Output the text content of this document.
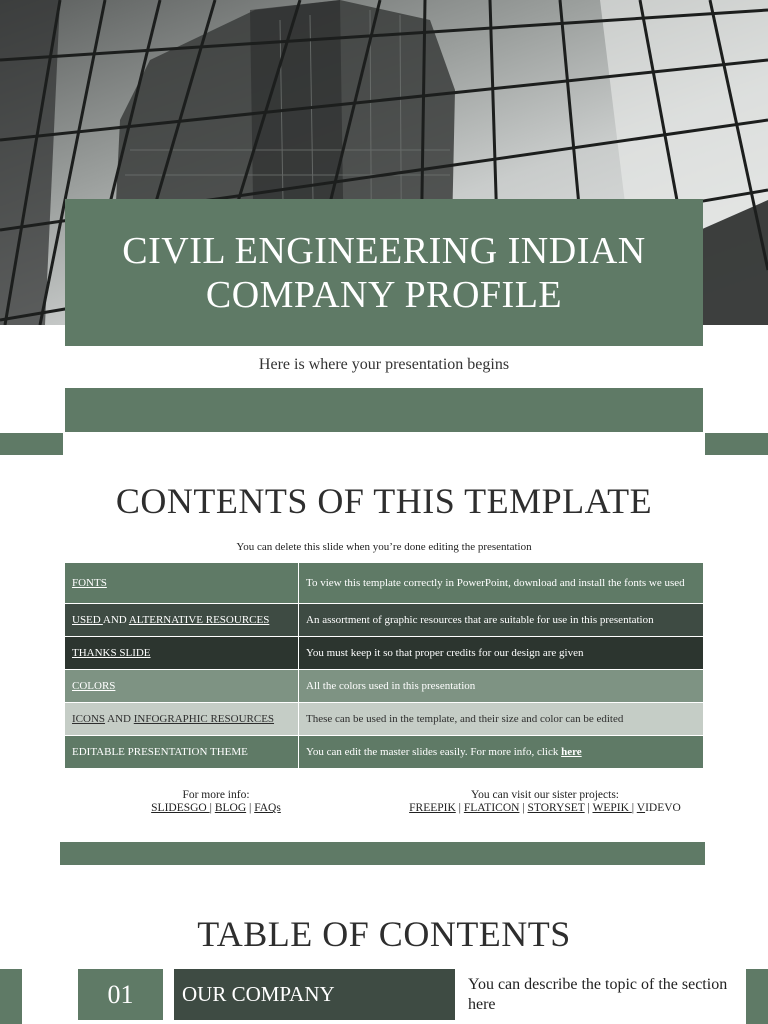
CIVIL ENGINEERING INDIAN COMPANY PROFILE
Here is where your presentation begins
CONTENTS OF THIS TEMPLATE
You can delete this slide when you’re done editing the presentation
FONTS	To view this template correctly in PowerPoint, download and install the fonts we used
USED AND ALTERNATIVE RESOURCES	An assortment of graphic resources that are suitable for use in this presentation
THANKS SLIDE	You must keep it so that proper credits for our design are given
COLORS	All the colors used in this presentation
ICONS AND INFOGRAPHIC RESOURCES	These can be used in the template, and their size and color can be edited
EDITABLE PRESENTATION THEME	You can edit the master slides easily. For more info, click here
For more info:
SLIDESGO | BLOG | FAQs
You can visit our sister projects:
FREEPIK | FLATICON | STORYSET | WEPIK | VIDEVO
TABLE OF CONTENTS
01	OUR COMPANY	You can describe the topic of the section here
